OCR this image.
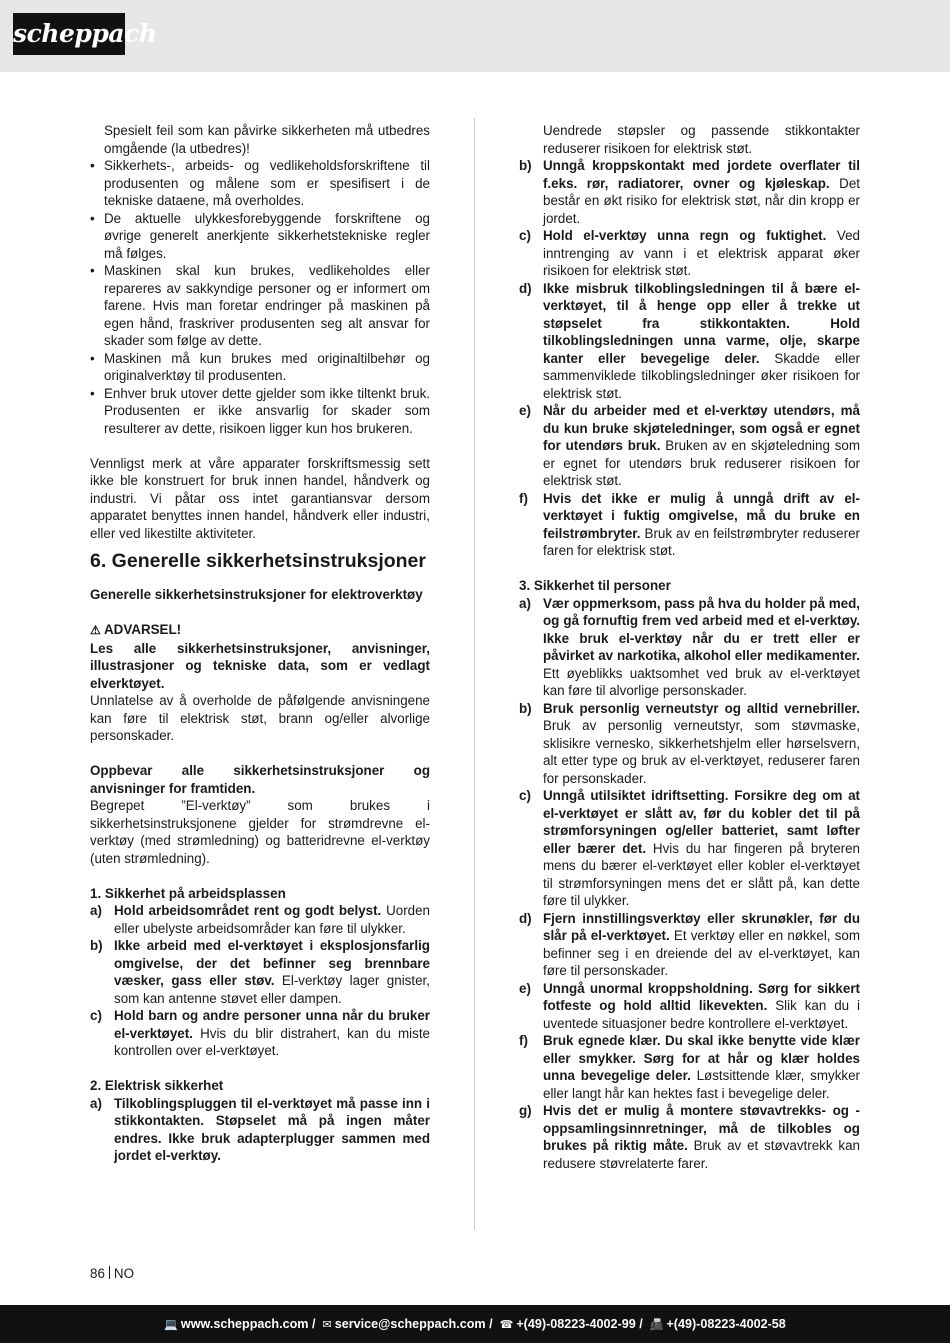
scheppach
Spesielt feil som kan påvirke sikkerheten må utbedres omgående (la utbedres)!
• Sikkerhets-, arbeids- og vedlikeholdsforskriftene til produsenten og målene som er spesifisert i de tekniske dataene, må overholdes.
• De aktuelle ulykkesforebyggende forskriftene og øvrige generelt anerkjente sikkerhetstekniske regler må følges.
• Maskinen skal kun brukes, vedlikeholdes eller repareres av sakkyndige personer og er informert om farene. Hvis man foretar endringer på maskinen på egen hånd, fraskriver produsenten seg alt ansvar for skader som følge av dette.
• Maskinen må kun brukes med originaltilbehør og originalverktøy til produsenten.
• Enhver bruk utover dette gjelder som ikke tiltenkt bruk. Produsenten er ikke ansvarlig for skader som resulterer av dette, risikoen ligger kun hos brukeren.
Vennligst merk at våre apparater forskriftsmessig sett ikke ble konstruert for bruk innen handel, håndverk og industri. Vi påtar oss intet garantiansvar dersom apparatet benyttes innen handel, håndverk eller industri, eller ved likestilte aktiviteter.
6. Generelle sikkerhetsinstruksjoner
Generelle sikkerhetsinstruksjoner for elektroverktøy
⚠ ADVARSEL!
Les alle sikkerhetsinstruksjoner, anvisninger, illustrasjoner og tekniske data, som er vedlagt elverktøyet.
Unnlatelse av å overholde de påfølgende anvisningene kan føre til elektrisk støt, brann og/eller alvorlige personskader.
Oppbevar alle sikkerhetsinstruksjoner og anvisninger for framtiden.
Begrepet ”El-verktøy” som brukes i sikkerhetsinstruksjonene gjelder for strømdrevne el-verktøy (med strømledning) og batteridrevne el-verktøy (uten strømledning).
1. Sikkerhet på arbeidsplassen
a) Hold arbeidsområdet rent og godt belyst. Uorden eller ubelyste arbeidsområder kan føre til ulykker.
b) Ikke arbeid med el-verktøyet i eksplosjonsfarlig omgivelse, der det befinner seg brennbare væsker, gass eller støv. El-verktøy lager gnister, som kan antenne støvet eller dampen.
c) Hold barn og andre personer unna når du bruker el-verktøyet. Hvis du blir distrahert, kan du miste kontrollen over el-verktøyet.
2. Elektrisk sikkerhet
a) Tilkoblingspluggen til el-verktøyet må passe inn i stikkontakten. Støpselet må på ingen måter endres. Ikke bruk adapterplugger sammen med jordet el-verktøy.
Uendrede støpsler og passende stikkontakter reduserer risikoen for elektrisk støt.
b) Unngå kroppskontakt med jordete overflater til f.eks. rør, radiatorer, ovner og kjøleskap. Det består en økt risiko for elektrisk støt, når din kropp er jordet.
c) Hold el-verktøy unna regn og fuktighet. Ved inntrenging av vann i et elektrisk apparat øker risikoen for elektrisk støt.
d) Ikke misbruk tilkoblingsledningen til å bære el-verktøyet, til å henge opp eller å trekke ut støpselet fra stikkontakten. Hold tilkoblingsledningen unna varme, olje, skarpe kanter eller bevegelige deler. Skadde eller sammenviklede tilkoblingsledninger øker risikoen for elektrisk støt.
e) Når du arbeider med et el-verktøy utendørs, må du kun bruke skjøteledninger, som også er egnet for utendørs bruk. Bruken av en skjøteledning som er egnet for utendørs bruk reduserer risikoen for elektrisk støt.
f) Hvis det ikke er mulig å unngå drift av el-verktøyet i fuktig omgivelse, må du bruke en feilstrømbryter. Bruk av en feilstrømbryter reduserer faren for elektrisk støt.
3. Sikkerhet til personer
a) Vær oppmerksom, pass på hva du holder på med, og gå fornuftig frem ved arbeid med et el-verktøy. Ikke bruk el-verktøy når du er trett eller er påvirket av narkotika, alkohol eller medikamenter. Ett øyeblikks uaktsomhet ved bruk av el-verktøyet kan føre til alvorlige personskader.
b) Bruk personlig verneutstyr og alltid vernebriller. Bruk av personlig verneutstyr, som støvmaske, sklisikre vernesko, sikkerhetshjelm eller hørselsvern, alt etter type og bruk av el-verktøyet, reduserer faren for personskader.
c) Unngå utilsiktet idriftsetting. Forsikre deg om at el-verktøyet er slått av, før du kobler det til på strømforsyningen og/eller batteriet, samt løfter eller bærer det. Hvis du har fingeren på bryteren mens du bærer el-verktøyet eller kobler el-verktøyet til strømforsyningen mens det er slått på, kan dette føre til ulykker.
d) Fjern innstillingsverktøy eller skrunøkler, før du slår på el-verktøyet. Et verktøy eller en nøkkel, som befinner seg i en dreiende del av el-verktøyet, kan føre til personskader.
e) Unngå unormal kroppsholdning. Sørg for sikkert fotfeste og hold alltid likevekten. Slik kan du i uventede situasjoner bedre kontrollere el-verktøyet.
f) Bruk egnede klær. Du skal ikke benytte vide klær eller smykker. Sørg for at hår og klær holdes unna bevegelige deler. Løstsittende klær, smykker eller langt hår kan hektes fast i bevegelige deler.
g) Hvis det er mulig å montere støvavtrekks- og -oppsamlingsinnretninger, må de tilkobles og brukes på riktig måte. Bruk av et støvavtrekk kan redusere støvrelaterte farer.
86 NO
💻 www.scheppach.com / ✉ service@scheppach.com / ☎ +(49)-08223-4002-99 / 📠 +(49)-08223-4002-58
